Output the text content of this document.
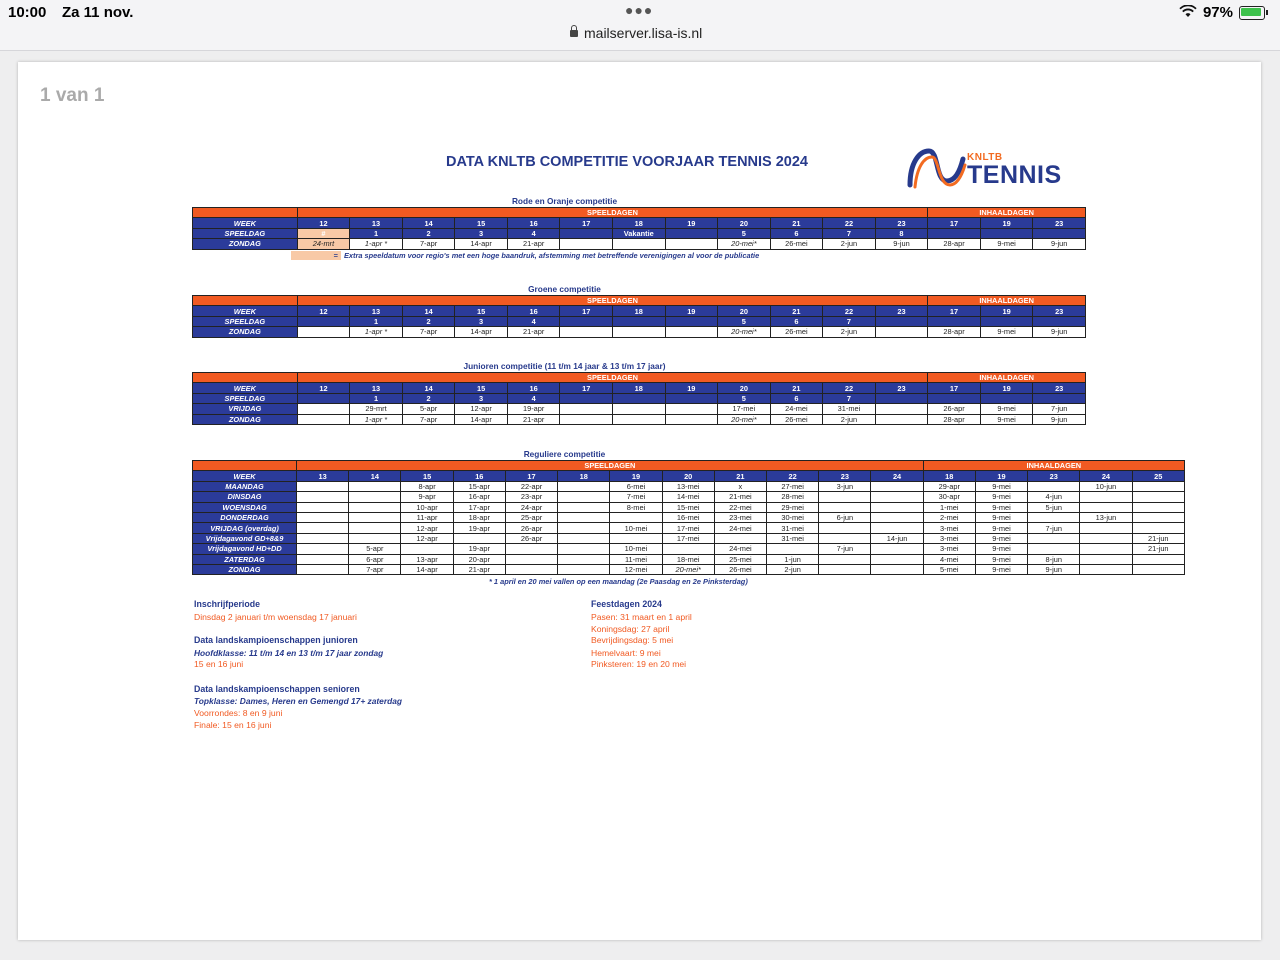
10:00 Za 11 nov.	●●●
mailserver.lisa-is.nl
97%
1 van 1
DATA KNLTB COMPETITIE VOORJAAR TENNIS 2024	KNLTB
TENNIS
Rode en Oranje competitie
	SPEELDAGEN												INHAALDAGEN		
WEEK	12	13	14	15	16	17	18	19	20	21	22	23	17	19	23
SPEELDAG	#	1	2	3	4		Vakantie		5	6	7	8			
ZONDAG	24-mrt	1-apr *	7-apr	14-apr	21-apr				20-mei*	26-mei	2-jun	9-jun	28-apr	9-mei	9-jun
= Extra speeldatum voor regio's met een hoge baandruk, afstemming met betreffende verenigingen al voor de publicatie
Groene competitie
	SPEELDAGEN												INHAALDAGEN		
WEEK	12	13	14	15	16	17	18	19	20	21	22	23	17	19	23
SPEELDAG		1	2	3	4				5	6	7				
ZONDAG		1-apr *	7-apr	14-apr	21-apr				20-mei*	26-mei	2-jun		28-apr	9-mei	9-jun
Junioren competitie (11 t/m 14 jaar & 13 t/m 17 jaar)
	SPEELDAGEN												INHAALDAGEN		
WEEK	12	13	14	15	16	17	18	19	20	21	22	23	17	19	23
SPEELDAG		1	2	3	4				5	6	7				
VRIJDAG		29-mrt	5-apr	12-apr	19-apr				17-mei	24-mei	31-mei		26-apr	9-mei	7-jun
ZONDAG		1-apr *	7-apr	14-apr	21-apr				20-mei*	26-mei	2-jun		28-apr	9-mei	9-jun
Reguliere competitie
	SPEELDAGEN												INHAALDAGEN				
WEEK	13	14	15	16	17	18	19	20	21	22	23	24	18	19	23	24	25
MAANDAG			8-apr	15-apr	22-apr		6-mei	13-mei	x	27-mei	3-jun		29-apr	9-mei		10-jun	
DINSDAG			9-apr	16-apr	23-apr		7-mei	14-mei	21-mei	28-mei			30-apr	9-mei	4-jun		
WOENSDAG			10-apr	17-apr	24-apr		8-mei	15-mei	22-mei	29-mei			1-mei	9-mei	5-jun		
DONDERDAG			11-apr	18-apr	25-apr			16-mei	23-mei	30-mei	6-jun		2-mei	9-mei		13-jun	
VRIJDAG (overdag)			12-apr	19-apr	26-apr		10-mei	17-mei	24-mei	31-mei			3-mei	9-mei	7-jun		
Vrijdagavond GD+8&9			12-apr		26-apr			17-mei		31-mei		14-jun	3-mei	9-mei			21-jun
Vrijdagavond HD+DD		5-apr		19-apr			10-mei		24-mei		7-jun		3-mei	9-mei			21-jun
ZATERDAG		6-apr	13-apr	20-apr			11-mei	18-mei	25-mei	1-jun			4-mei	9-mei	8-jun		
ZONDAG		7-apr	14-apr	21-apr			12-mei	20-mei*	26-mei	2-jun			5-mei	9-mei	9-jun		
* 1 april en 20 mei vallen op een maandag (2e Paasdag en 2e Pinksterdag)
Inschrijfperiode
Dinsdag 2 januari t/m woensdag 17 januari
Data landskampioenschappen junioren
Hoofdklasse: 11 t/m 14 en 13 t/m 17 jaar zondag
15 en 16 juni
Data landskampioenschappen senioren
Topklasse: Dames, Heren en Gemengd 17+ zaterdag
Voorrondes: 8 en 9 juni
Finale: 15 en 16 juni
Feestdagen 2024
Pasen: 31 maart en 1 april
Koningsdag: 27 april
Bevrijdingsdag: 5 mei
Hemelvaart: 9 mei
Pinksteren: 19 en 20 mei
